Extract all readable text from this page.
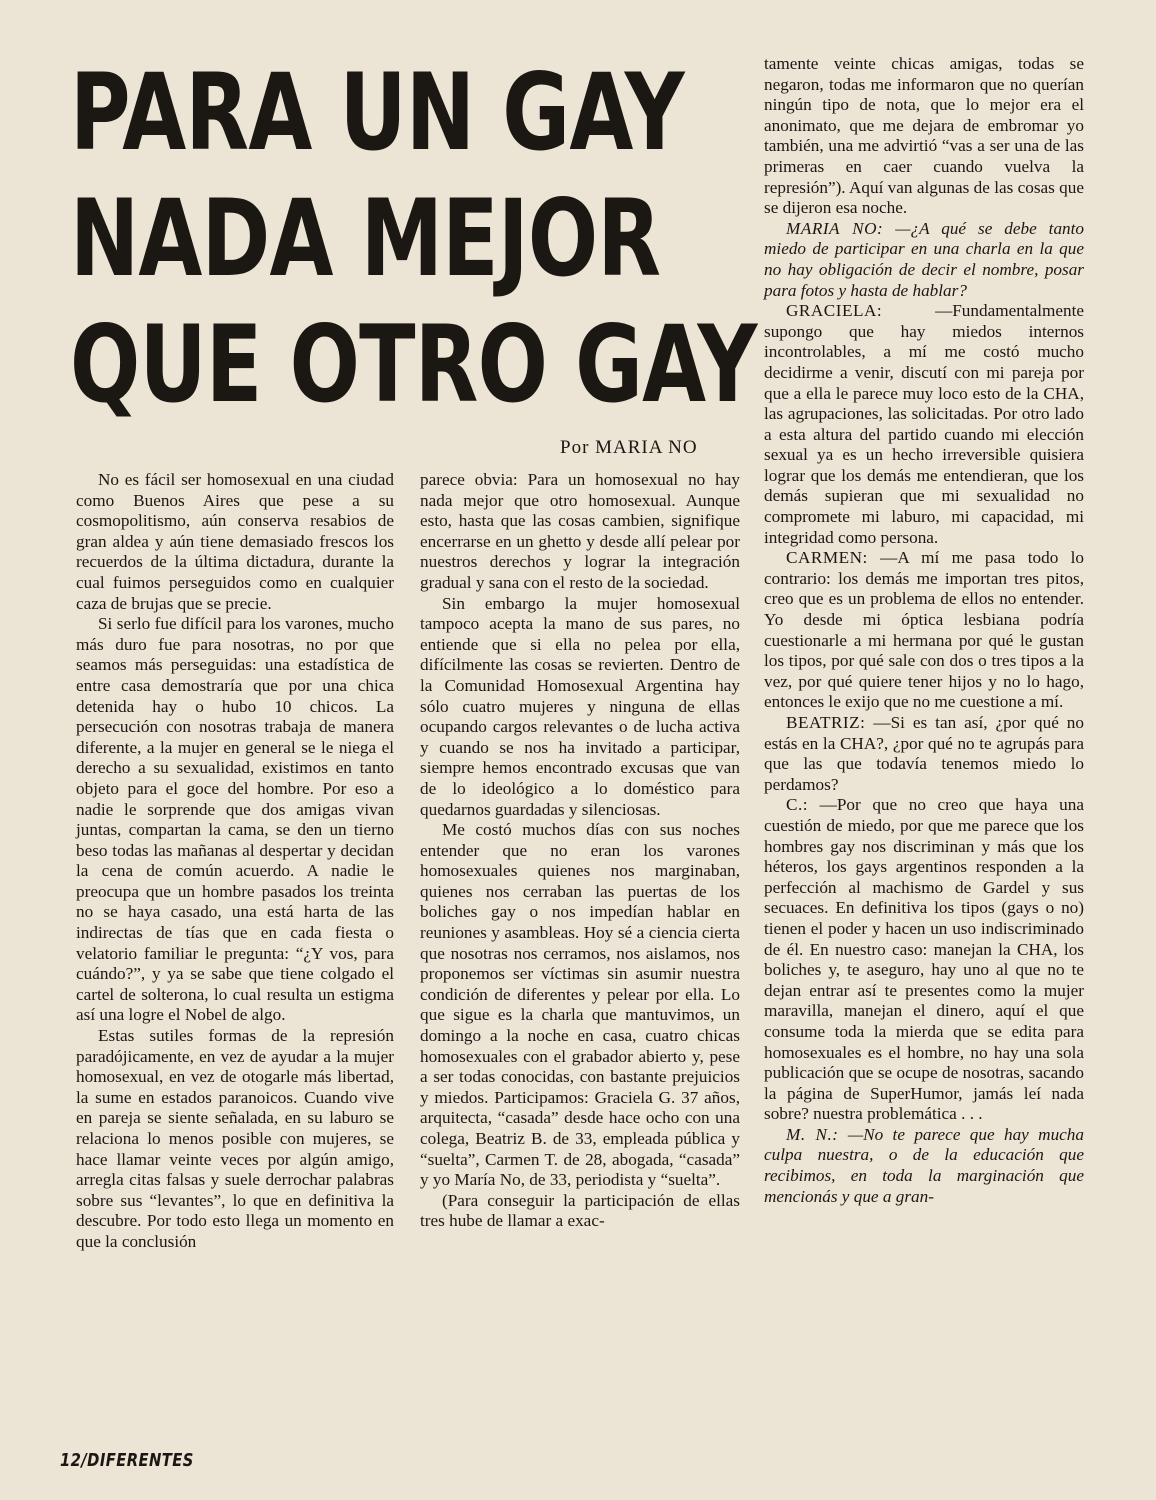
PARA UN GAY
NADA MEJOR
QUE OTRO GAY
Por MARIA NO

No es fácil ser homosexual en una ciudad como Buenos Aires que pese a su cosmopolitismo, aún conserva resabios de gran aldea y aún tiene demasiado frescos los recuerdos de la última dictadura, durante la cual fuimos perseguidos como en cualquier caza de brujas que se precie.

Si serlo fue difícil para los varones, mucho más duro fue para nosotras, no por que seamos más perseguidas: una estadística de entre casa demostraría que por una chica detenida hay o hubo 10 chicos. La persecución con nosotras trabaja de manera diferente, a la mujer en general se le niega el derecho a su sexualidad, existimos en tanto objeto para el goce del hombre. Por eso a nadie le sorprende que dos amigas vivan juntas, compartan la cama, se den un tierno beso todas las mañanas al despertar y decidan la cena de común acuerdo. A nadie le preocupa que un hombre pasados los treinta no se haya casado, una está harta de las indirectas de tías que en cada fiesta o velatorio familiar le pregunta: “¿Y vos, para cuándo?”, y ya se sabe que tiene colgado el cartel de solterona, lo cual resulta un estigma así una logre el Nobel de algo.

Estas sutiles formas de la represión paradójicamente, en vez de ayudar a la mujer homosexual, en vez de otogarle más libertad, la sume en estados paranoicos. Cuando vive en pareja se siente señalada, en su laburo se relaciona lo menos posible con mujeres, se hace llamar veinte veces por algún amigo, arregla citas falsas y suele derrochar palabras sobre sus “levantes”, lo que en definitiva la descubre. Por todo esto llega un momento en que la conclusión

parece obvia: Para un homosexual no hay nada mejor que otro homosexual. Aunque esto, hasta que las cosas cambien, signifique encerrarse en un ghetto y desde allí pelear por nuestros derechos y lograr la integración gradual y sana con el resto de la sociedad.

Sin embargo la mujer homosexual tampoco acepta la mano de sus pares, no entiende que si ella no pelea por ella, difícilmente las cosas se revierten. Dentro de la Comunidad Homosexual Argentina hay sólo cuatro mujeres y ninguna de ellas ocupando cargos relevantes o de lucha activa y cuando se nos ha invitado a participar, siempre hemos encontrado excusas que van de lo ideológico a lo doméstico para quedarnos guardadas y silenciosas.

Me costó muchos días con sus noches entender que no eran los varones homosexuales quienes nos marginaban, quienes nos cerraban las puertas de los boliches gay o nos impedían hablar en reuniones y asambleas. Hoy sé a ciencia cierta que nosotras nos cerramos, nos aislamos, nos proponemos ser víctimas sin asumir nuestra condición de diferentes y pelear por ella. Lo que sigue es la charla que mantuvimos, un domingo a la noche en casa, cuatro chicas homosexuales con el grabador abierto y, pese a ser todas conocidas, con bastante prejuicios y miedos. Participamos: Graciela G. 37 años, arquitecta, “casada” desde hace ocho con una colega, Beatriz B. de 33, empleada pública y “suelta”, Carmen T. de 28, abogada, “casada” y yo María No, de 33, periodista y “suelta”.

(Para conseguir la participación de ellas tres hube de llamar a exac-

tamente veinte chicas amigas, todas se negaron, todas me informaron que no querían ningún tipo de nota, que lo mejor era el anonimato, que me dejara de embromar yo también, una me advirtió “vas a ser una de las primeras en caer cuando vuelva la represión”). Aquí van algunas de las cosas que se dijeron esa noche.

MARIA NO: —¿A qué se debe tanto miedo de participar en una charla en la que no hay obligación de decir el nombre, posar para fotos y hasta de hablar?

GRACIELA:	—Fundamentalmente supongo que hay miedos internos incontrolables, a mí me costó mucho decidirme a venir, discutí con mi pareja por que a ella le parece muy loco esto de la CHA, las agrupaciones, las solicitadas. Por otro lado a esta altura del partido cuando mi elección sexual ya es un hecho irreversible quisiera lograr que los demás me entendieran, que los demás supieran que mi sexualidad no compromete mi laburo, mi capacidad, mi integridad como persona.

CARMEN: —A mí me pasa todo lo contrario: los demás me importan tres pitos, creo que es un problema de ellos no entender. Yo desde mi óptica lesbiana podría cuestionarle a mi hermana por qué le gustan los tipos, por qué sale con dos o tres tipos a la vez, por qué quiere tener hijos y no lo hago, entonces le exijo que no me cuestione a mí.

BEATRIZ: —Si es tan así, ¿por qué no estás en la CHA?, ¿por qué no te agrupás para que las que todavía tenemos miedo lo perdamos?

C.: —Por que no creo que haya una cuestión de miedo, por que me parece que los hombres gay nos discriminan y más que los héteros, los gays argentinos responden a la perfección al machismo de Gardel y sus secuaces. En definitiva los tipos (gays o no) tienen el poder y hacen un uso indiscriminado de él. En nuestro caso: manejan la CHA, los boliches y, te aseguro, hay uno al que no te dejan entrar así te presentes como la mujer maravilla, manejan el dinero, aquí el que consume toda la mierda que se edita para homosexuales es el hombre, no hay una sola publicación que se ocupe de nosotras, sacando la página de SuperHumor, jamás leí nada sobre? nuestra problemática . . .

M. N.: —No te parece que hay mucha culpa nuestra, o de la educación que recibimos, en toda la marginación que mencionás y que a gran-

12/DIFERENTES
